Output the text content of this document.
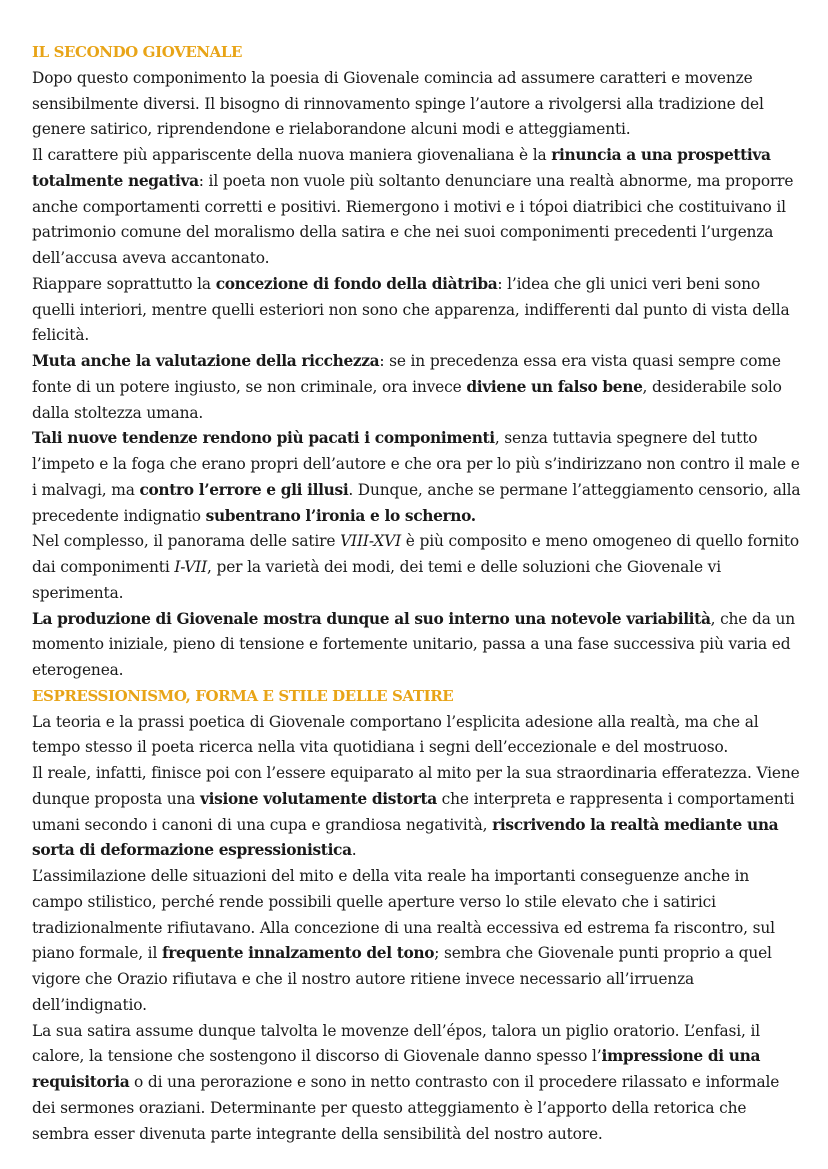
IL SECONDO GIOVENALE

Dopo questo componimento la poesia di Giovenale comincia ad assumere caratteri e movenze sensibilmente diversi. Il bisogno di rinnovamento spinge l’autore a rivolgersi alla tradizione del genere satirico, riprendendone e rielaborandone alcuni modi e atteggiamenti.

Il carattere più appariscente della nuova maniera giovenaliana è la rinuncia a una prospettiva totalmente negativa: il poeta non vuole più soltanto denunciare una realtà abnorme, ma proporre anche comportamenti corretti e positivi. Riemergono i motivi e i tópoi diatribici che costituivano il patrimonio comune del moralismo della satira e che nei suoi componimenti precedenti l’urgenza dell’accusa aveva accantonato.

Riappare soprattutto la concezione di fondo della diàtriba: l’idea che gli unici veri beni sono quelli interiori, mentre quelli esteriori non sono che apparenza, indifferenti dal punto di vista della felicità.

Muta anche la valutazione della ricchezza: se in precedenza essa era vista quasi sempre come fonte di un potere ingiusto, se non criminale, ora invece diviene un falso bene, desiderabile solo dalla stoltezza umana.

Tali nuove tendenze rendono più pacati i componimenti, senza tuttavia spegnere del tutto l’impeto e la foga che erano propri dell’autore e che ora per lo più s’indirizzano non contro il male e i malvagi, ma contro l’errore e gli illusi. Dunque, anche se permane l’atteggiamento censorio, alla precedente indignatio subentrano l’ironia e lo scherno.

Nel complesso, il panorama delle satire VIII-XVI è più composito e meno omogeneo di quello fornito dai componimenti I-VII, per la varietà dei modi, dei temi e delle soluzioni che Giovenale vi sperimenta.

La produzione di Giovenale mostra dunque al suo interno una notevole variabilità, che da un momento iniziale, pieno di tensione e fortemente unitario, passa a una fase successiva più varia ed eterogenea.

ESPRESSIONISMO, FORMA E STILE DELLE SATIRE

La teoria e la prassi poetica di Giovenale comportano l’esplicita adesione alla realtà, ma che al tempo stesso il poeta ricerca nella vita quotidiana i segni dell’eccezionale e del mostruoso.

Il reale, infatti, finisce poi con l’essere equiparato al mito per la sua straordinaria efferatezza. Viene dunque proposta una visione volutamente distorta che interpreta e rappresenta i comportamenti umani secondo i canoni di una cupa e grandiosa negatività, riscrivendo la realtà mediante una sorta di deformazione espressionistica.

L’assimilazione delle situazioni del mito e della vita reale ha importanti conseguenze anche in campo stilistico, perché rende possibili quelle aperture verso lo stile elevato che i satirici tradizionalmente rifiutavano. Alla concezione di una realtà eccessiva ed estrema fa riscontro, sul piano formale, il frequente innalzamento del tono; sembra che Giovenale punti proprio a quel vigore che Orazio rifiutava e che il nostro autore ritiene invece necessario all’irruenza dell’indignatio.

La sua satira assume dunque talvolta le movenze dell’épos, talora un piglio oratorio. L’enfasi, il calore, la tensione che sostengono il discorso di Giovenale danno spesso l’impressione di una requisitoria o di una perorazione e sono in netto contrasto con il procedere rilassato e informale dei sermones oraziani. Determinante per questo atteggiamento è l’apporto della retorica che sembra esser divenuta parte integrante della sensibilità del nostro autore.
